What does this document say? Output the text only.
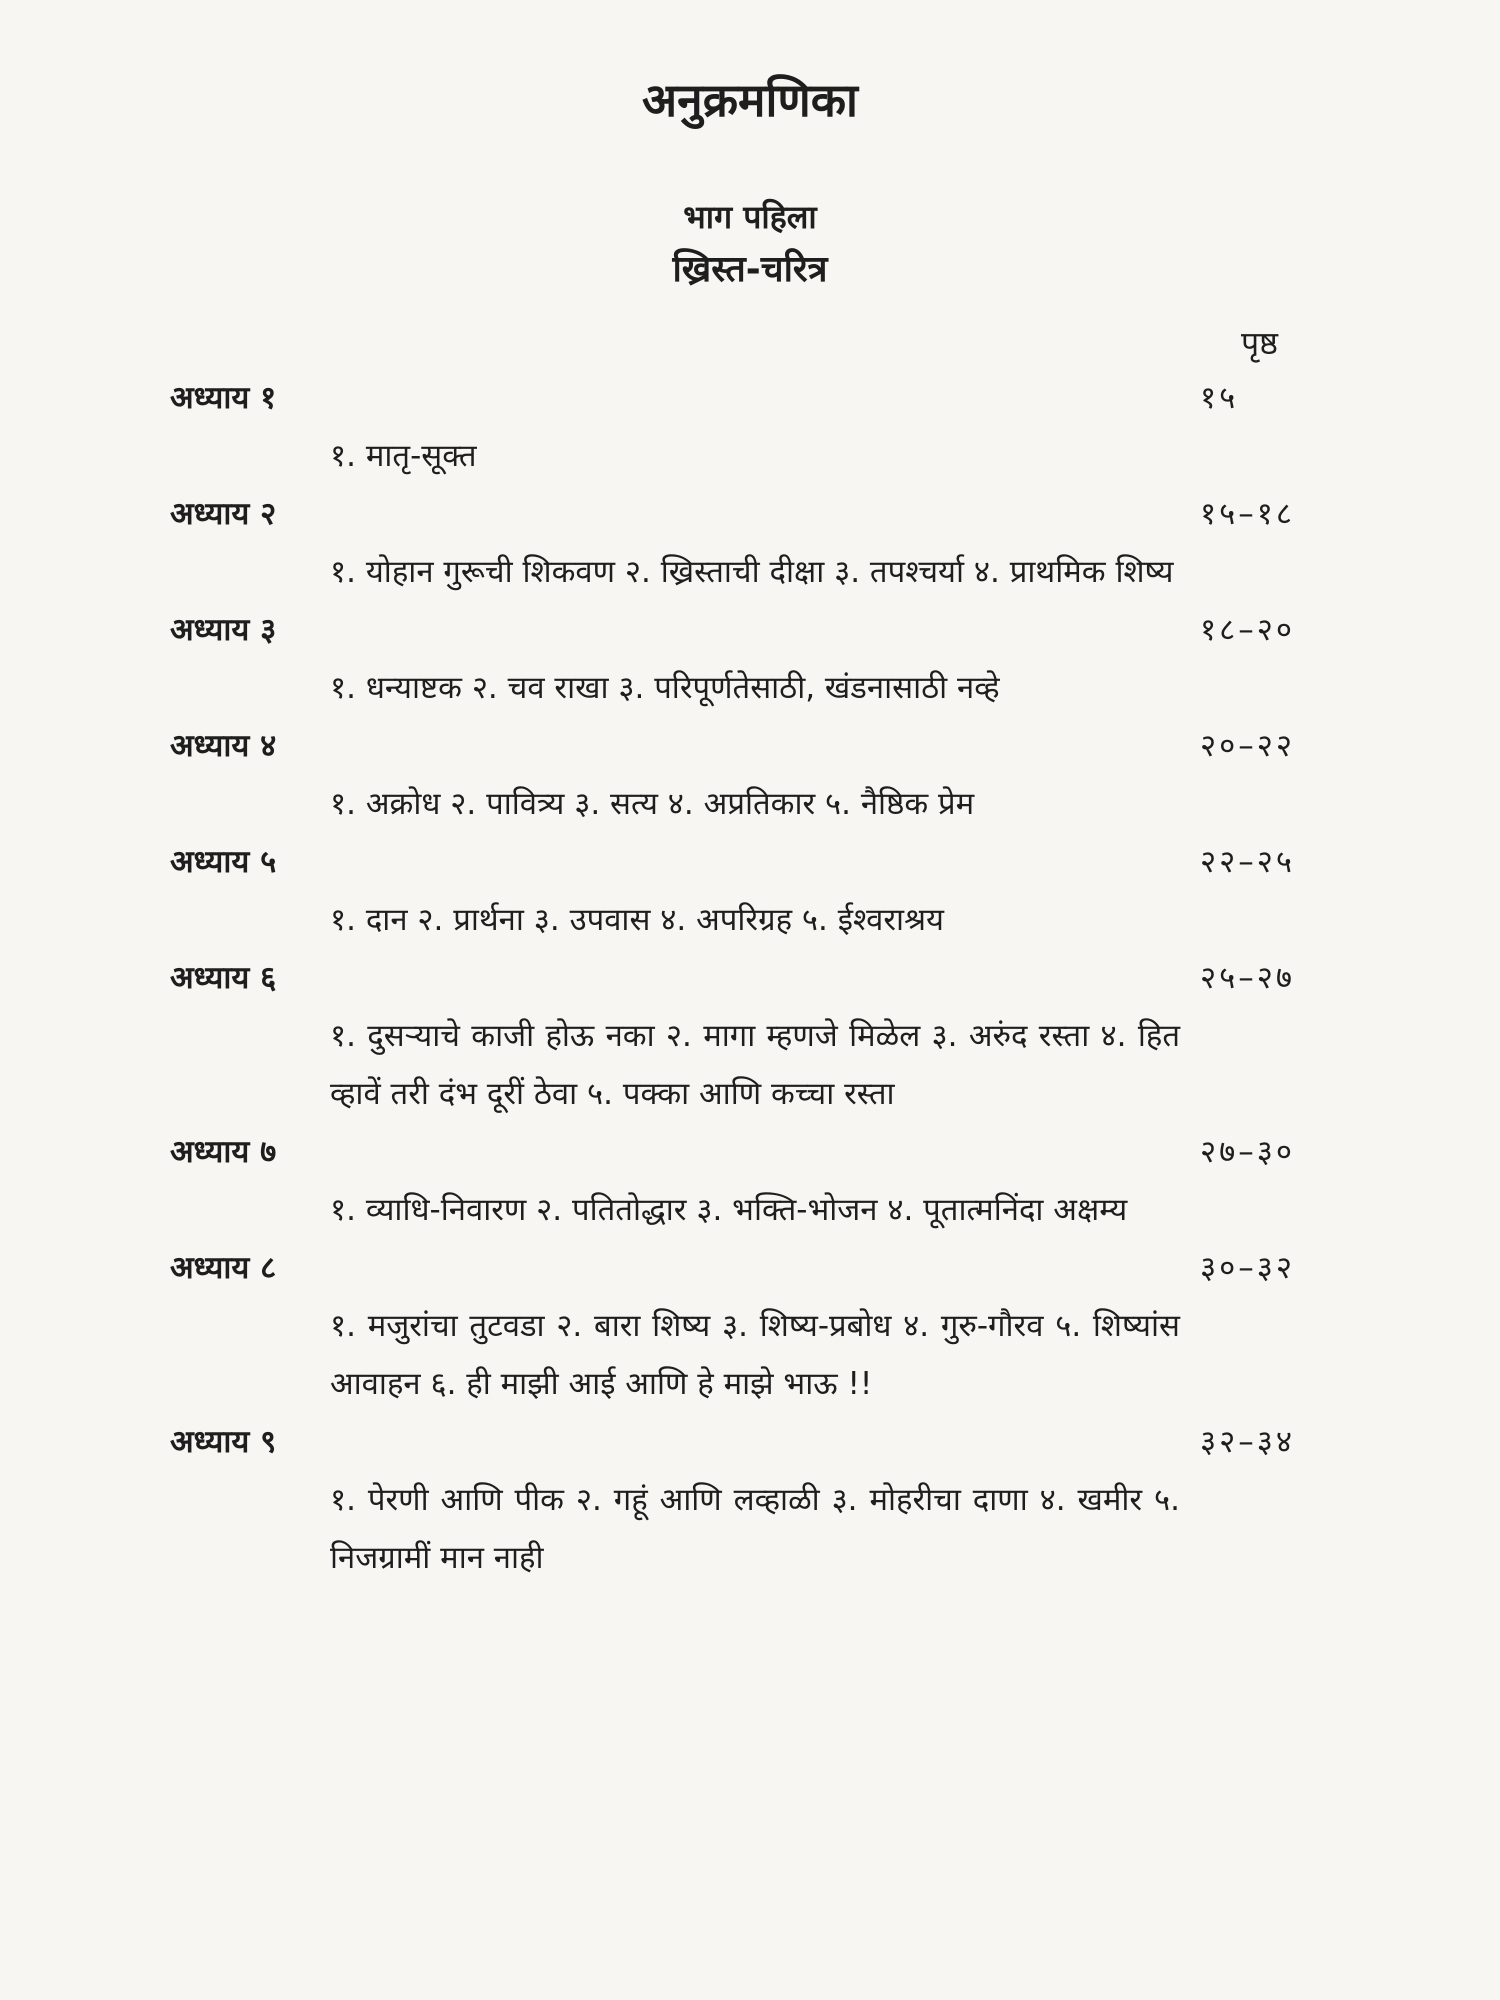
अनुक्रमणिका
भाग पहिला
ख्रिस्त-चरित्र
पृष्ठ
अध्याय १	१५
१. मातृ-सूक्त
अध्याय २	१५–१८
१. योहान गुरूची शिकवण २. ख्रिस्ताची दीक्षा ३. तपश्चर्या ४. प्राथमिक शिष्य
अध्याय ३	१८–२०
१. धन्याष्टक २. चव राखा ३. परिपूर्णतेसाठी, खंडनासाठी नव्हे
अध्याय ४	२०–२२
१. अक्रोध २. पावित्र्य ३. सत्य ४. अप्रतिकार ५. नैष्ठिक प्रेम
अध्याय ५	२२–२५
१. दान २. प्रार्थना ३. उपवास ४. अपरिग्रह ५. ईश्वराश्रय
अध्याय ६	२५–२७
१. दुसऱ्याचे काजी होऊ नका २. मागा म्हणजे मिळेल ३. अरुंद रस्ता ४. हित व्हावें तरी दंभ दूरीं ठेवा ५. पक्का आणि कच्चा रस्ता
अध्याय ७	२७–३०
१. व्याधि-निवारण २. पतितोद्धार ३. भक्ति-भोजन ४. पूतात्मनिंदा अक्षम्य
अध्याय ८	३०–३२
१. मजुरांचा तुटवडा २. बारा शिष्य ३. शिष्य-प्रबोध ४. गुरु-गौरव ५. शिष्यांस आवाहन ६. ही माझी आई आणि हे माझे भाऊ !!
अध्याय ९	३२–३४
१. पेरणी आणि पीक २. गहूं आणि लव्हाळी ३. मोहरीचा दाणा ४. खमीर ५. निजग्रामीं मान नाही
